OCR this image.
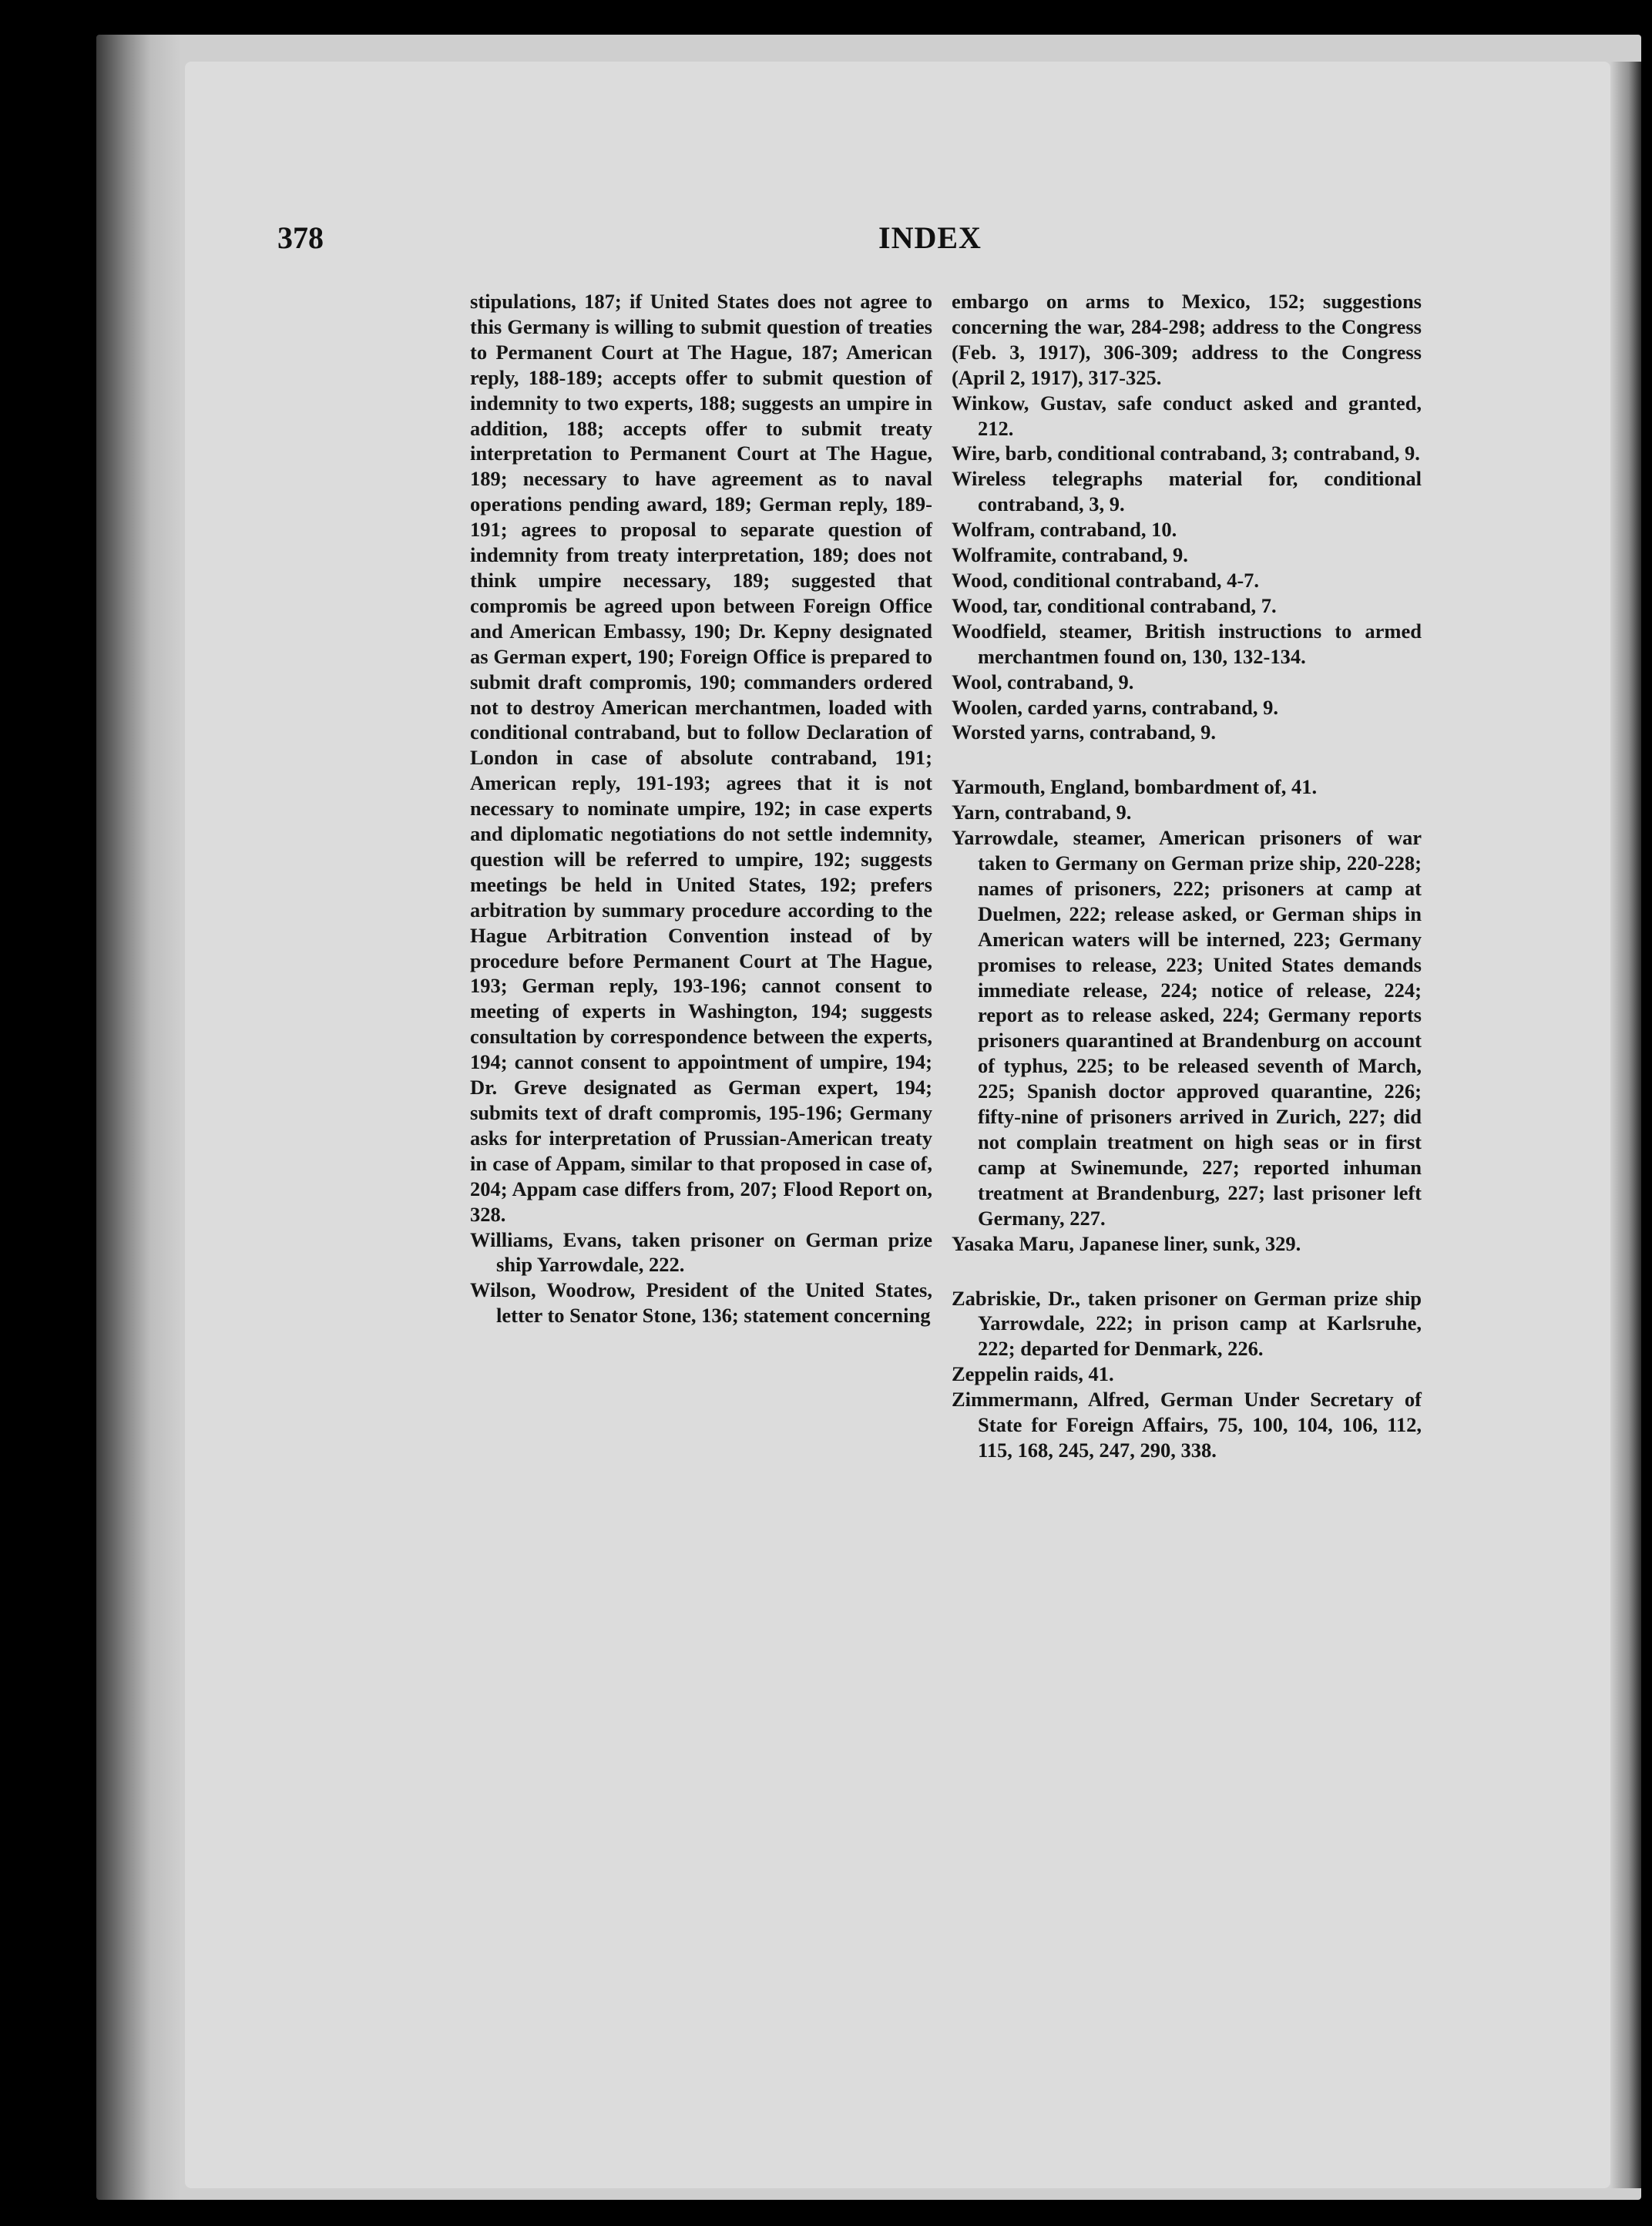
378	INDEX

stipulations, 187; if United States does not agree to this Germany is willing to submit question of treaties to Permanent Court at The Hague, 187; American reply, 188-189; accepts offer to submit question of indemnity to two experts, 188; suggests an umpire in addition, 188; accepts offer to submit treaty interpretation to Permanent Court at The Hague, 189; necessary to have agreement as to naval operations pending award, 189; German reply, 189-191; agrees to proposal to separate question of indemnity from treaty interpretation, 189; does not think umpire necessary, 189; suggested that compromis be agreed upon between Foreign Office and American Embassy, 190; Dr. Kepny designated as German expert, 190; Foreign Office is prepared to submit draft compromis, 190; commanders ordered not to destroy American merchantmen, loaded with conditional contraband, but to follow Declaration of London in case of absolute contraband, 191; American reply, 191-193; agrees that it is not necessary to nominate umpire, 192; in case experts and diplomatic negotiations do not settle indemnity, question will be referred to umpire, 192; suggests meetings be held in United States, 192; prefers arbitration by summary procedure according to the Hague Arbitration Convention instead of by procedure before Permanent Court at The Hague, 193; German reply, 193-196; cannot consent to meeting of experts in Washington, 194; suggests consultation by correspondence between the experts, 194; cannot consent to appointment of umpire, 194; Dr. Greve designated as German expert, 194; submits text of draft compromis, 195-196; Germany asks for interpretation of Prussian-American treaty in case of Appam, similar to that proposed in case of, 204; Appam case differs from, 207; Flood Report on, 328.

Williams, Evans, taken prisoner on German prize ship Yarrowdale, 222.

Wilson, Woodrow, President of the United States, letter to Senator Stone, 136; statement concerning

embargo on arms to Mexico, 152; suggestions concerning the war, 284-298; address to the Congress (Feb. 3, 1917), 306-309; address to the Congress (April 2, 1917), 317-325.

Winkow, Gustav, safe conduct asked and granted, 212.

Wire, barb, conditional contraband, 3; contraband, 9.

Wireless telegraphs material for, conditional contraband, 3, 9.

Wolfram, contraband, 10.

Wolframite, contraband, 9.

Wood, conditional contraband, 4-7.

Wood, tar, conditional contraband, 7.

Woodfield, steamer, British instructions to armed merchantmen found on, 130, 132-134.

Wool, contraband, 9.

Woolen, carded yarns, contraband, 9.

Worsted yarns, contraband, 9.

Yarmouth, England, bombardment of, 41.

Yarn, contraband, 9.

Yarrowdale, steamer, American prisoners of war taken to Germany on German prize ship, 220-228; names of prisoners, 222; prisoners at camp at Duelmen, 222; release asked, or German ships in American waters will be interned, 223; Germany promises to release, 223; United States demands immediate release, 224; notice of release, 224; report as to release asked, 224; Germany reports prisoners quarantined at Brandenburg on account of typhus, 225; to be released seventh of March, 225; Spanish doctor approved quarantine, 226; fifty-nine of prisoners arrived in Zurich, 227; did not complain treatment on high seas or in first camp at Swinemunde, 227; reported inhuman treatment at Brandenburg, 227; last prisoner left Germany, 227.

Yasaka Maru, Japanese liner, sunk, 329.

Zabriskie, Dr., taken prisoner on German prize ship Yarrowdale, 222; in prison camp at Karlsruhe, 222; departed for Denmark, 226.

Zeppelin raids, 41.

Zimmermann, Alfred, German Under Secretary of State for Foreign Affairs, 75, 100, 104, 106, 112, 115, 168, 245, 247, 290, 338.
